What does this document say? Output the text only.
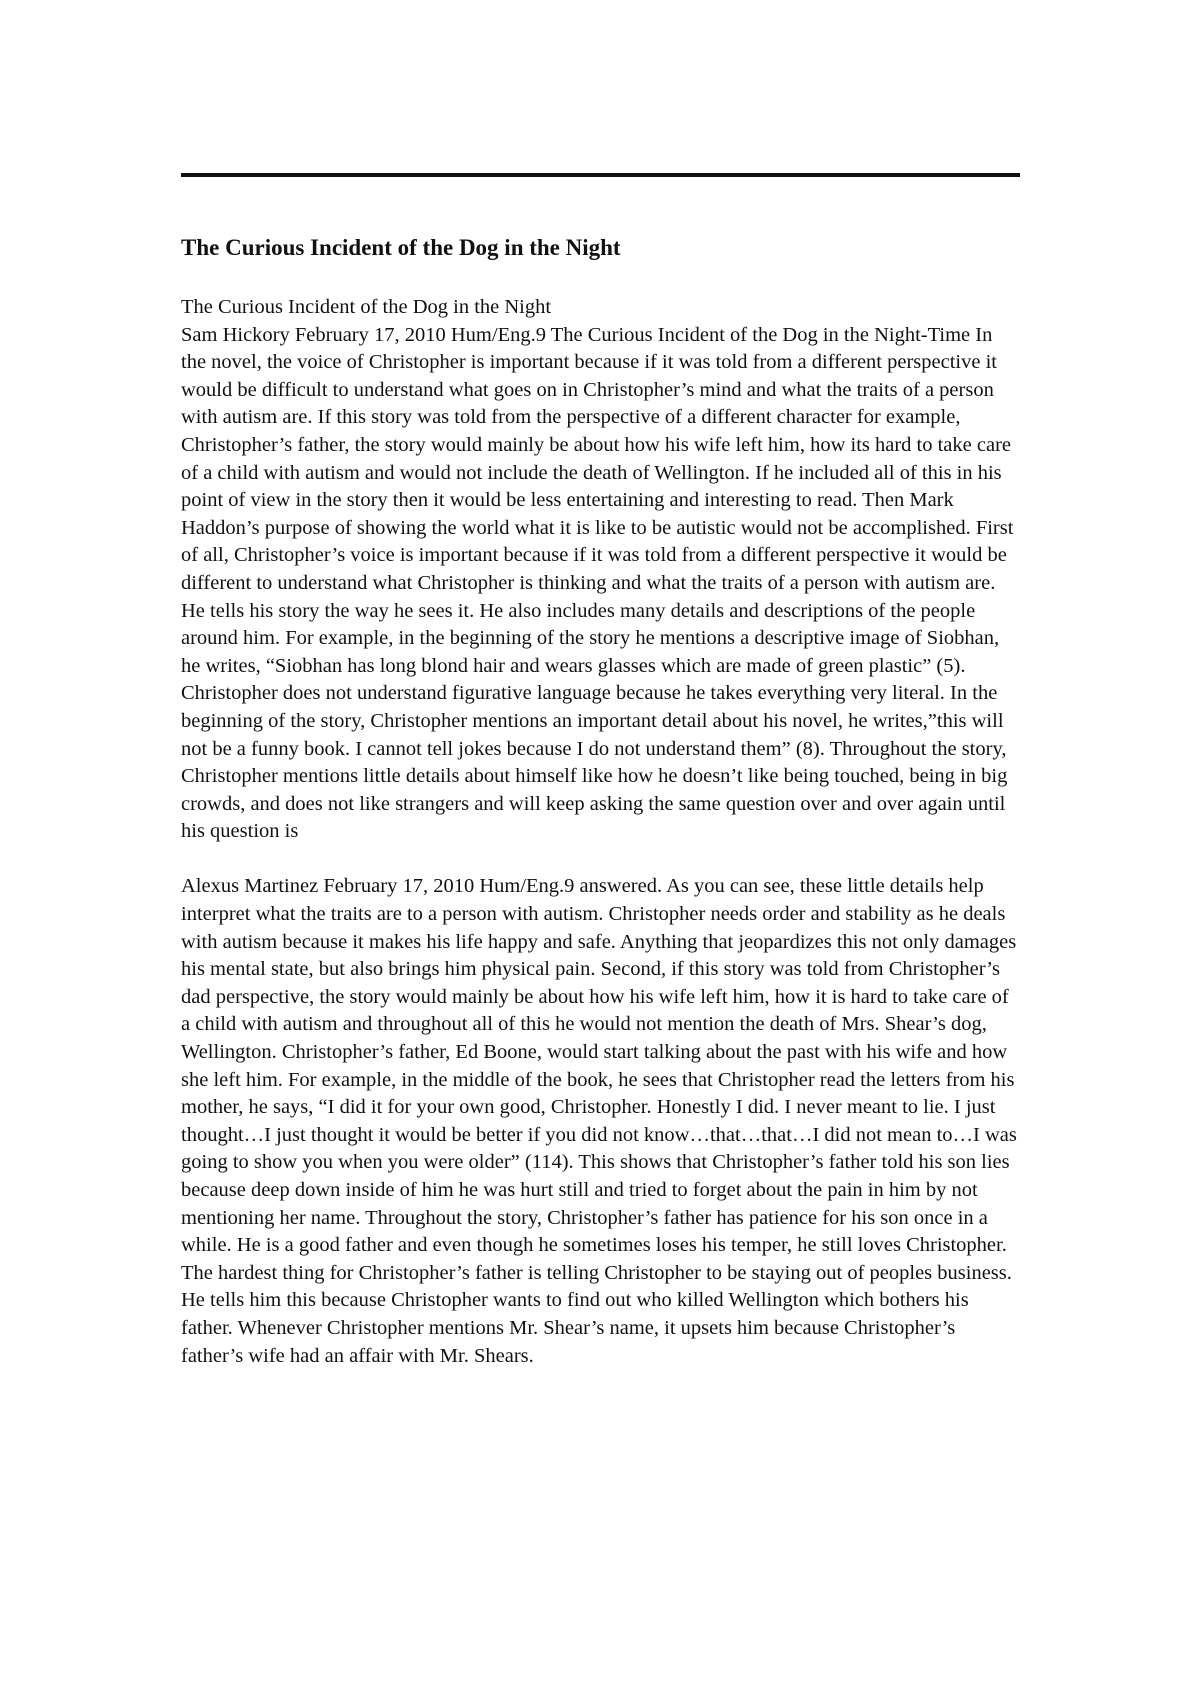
The Curious Incident of the Dog in the Night

The Curious Incident of the Dog in the Night

Sam Hickory February 17, 2010 Hum/Eng.9 The Curious Incident of the Dog in the Night-Time In the novel, the voice of Christopher is important because if it was told from a different perspective it would be difficult to understand what goes on in Christopher’s mind and what the traits of a person with autism are. If this story was told from the perspective of a different character for example, Christopher’s father, the story would mainly be about how his wife left him, how its hard to take care of a child with autism and would not include the death of Wellington. If he included all of this in his point of view in the story then it would be less entertaining and interesting to read. Then Mark Haddon’s purpose of showing the world what it is like to be autistic would not be accomplished. First of all, Christopher’s voice is important because if it was told from a different perspective it would be different to understand what Christopher is thinking and what the traits of a person with autism are. He tells his story the way he sees it. He also includes many details and descriptions of the people around him. For example, in the beginning of the story he mentions a descriptive image of Siobhan, he writes, “Siobhan has long blond hair and wears glasses which are made of green plastic” (5). Christopher does not understand figurative language because he takes everything very literal. In the beginning of the story, Christopher mentions an important detail about his novel, he writes,”this will not be a funny book. I cannot tell jokes because I do not understand them” (8). Throughout the story, Christopher mentions little details about himself like how he doesn’t like being touched, being in big crowds, and does not like strangers and will keep asking the same question over and over again until his question is

Alexus Martinez February 17, 2010 Hum/Eng.9 answered. As you can see, these little details help interpret what the traits are to a person with autism. Christopher needs order and stability as he deals with autism because it makes his life happy and safe. Anything that jeopardizes this not only damages his mental state, but also brings him physical pain. Second, if this story was told from Christopher’s dad perspective, the story would mainly be about how his wife left him, how it is hard to take care of a child with autism and throughout all of this he would not mention the death of Mrs. Shear’s dog, Wellington. Christopher’s father, Ed Boone, would start talking about the past with his wife and how she left him. For example, in the middle of the book, he sees that Christopher read the letters from his mother, he says, “I did it for your own good, Christopher. Honestly I did. I never meant to lie. I just thought…I just thought it would be better if you did not know…that…that…I did not mean to…I was going to show you when you were older” (114). This shows that Christopher’s father told his son lies because deep down inside of him he was hurt still and tried to forget about the pain in him by not mentioning her name. Throughout the story, Christopher’s father has patience for his son once in a while. He is a good father and even though he sometimes loses his temper, he still loves Christopher. The hardest thing for Christopher’s father is telling Christopher to be staying out of peoples business. He tells him this because Christopher wants to find out who killed Wellington which bothers his father. Whenever Christopher mentions Mr. Shear’s name, it upsets him because Christopher’s father’s wife had an affair with Mr. Shears.
